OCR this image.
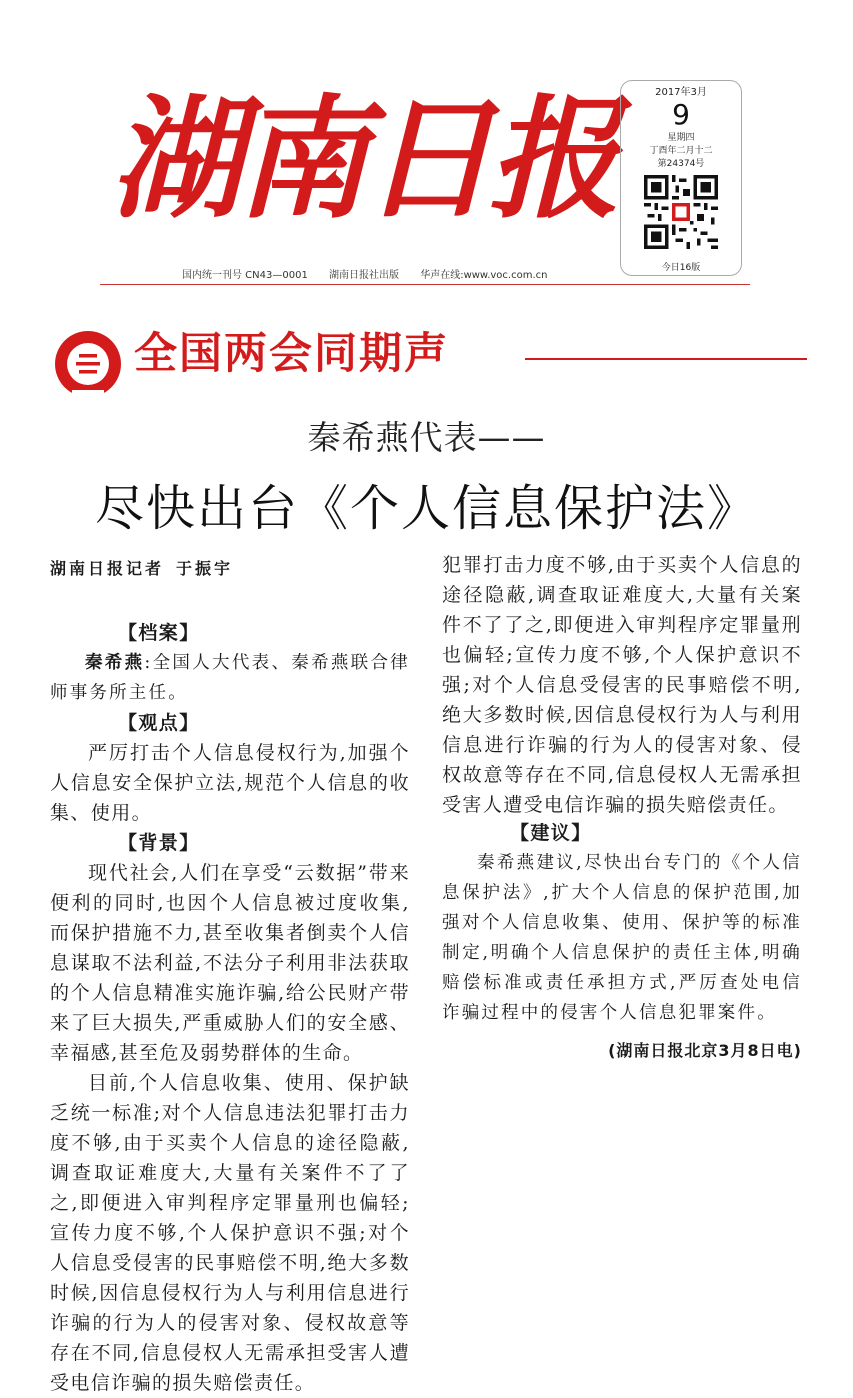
湖南日报
国内统一刊号 CN43—0001 湖南日报社出版 华声在线:www.voc.com.cn
2017年3月
9
星期四
丁酉年二月十二
第24374号
今日16版
全国两会同期声
秦希燕代表——
尽快出台《个人信息保护法》
湖南日报记者 于振宇

【档案】

秦希燕:全国人大代表、秦希燕联合律师事务所主任。

【观点】

严厉打击个人信息侵权行为,加强个人信息安全保护立法,规范个人信息的收集、使用。

【背景】

现代社会,人们在享受“云数据”带来便利的同时,也因个人信息被过度收集,而保护措施不力,甚至收集者倒卖个人信息谋取不法利益,不法分子利用非法获取的个人信息精准实施诈骗,给公民财产带来了巨大损失,严重威胁人们的安全感、幸福感,甚至危及弱势群体的生命。

目前,个人信息收集、使用、保护缺乏统一标准;对个人信息违法犯罪打击力度不够,由于买卖个人信息的途径隐蔽,调查取证难度大,大量有关案件不了了之,即便进入审判程序定罪量刑也偏轻;宣传力度不够,个人保护意识不强;对个人信息受侵害的民事赔偿不明,绝大多数时候,因信息侵权行为人与利用信息进行诈骗的行为人的侵害对象、侵权故意等存在不同,信息侵权人无需承担受害人遭受电信诈骗的损失赔偿责任。

犯罪打击力度不够,由于买卖个人信息的途径隐蔽,调查取证难度大,大量有关案件不了了之,即便进入审判程序定罪量刑也偏轻;宣传力度不够,个人保护意识不强;对个人信息受侵害的民事赔偿不明,绝大多数时候,因信息侵权行为人与利用信息进行诈骗的行为人的侵害对象、侵权故意等存在不同,信息侵权人无需承担受害人遭受电信诈骗的损失赔偿责任。

【建议】

秦希燕建议,尽快出台专门的《个人信息保护法》,扩大个人信息的保护范围,加强对个人信息收集、使用、保护等的标准制定,明确个人信息保护的责任主体,明确赔偿标准或责任承担方式,严厉查处电信诈骗过程中的侵害个人信息犯罪案件。

(湖南日报北京3月8日电)
